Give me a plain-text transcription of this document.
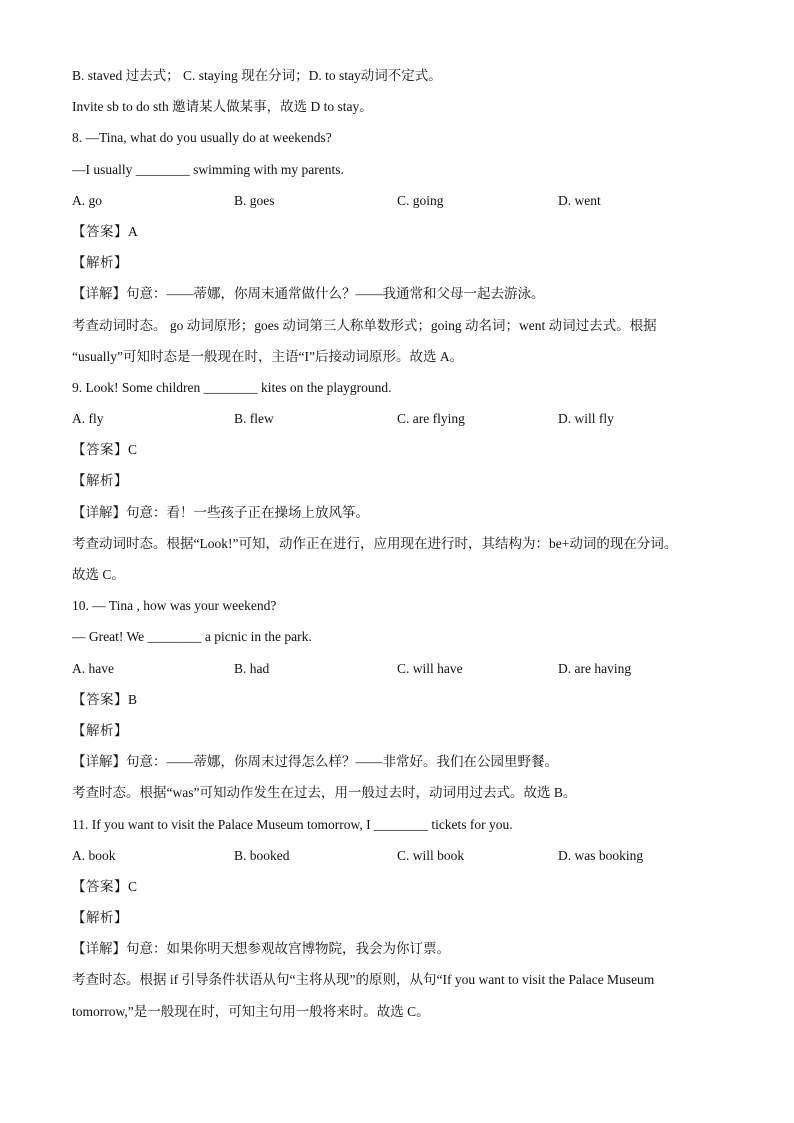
B. staved 过去式； C. staying 现在分词；D. to stay动词不定式。
Invite sb to do sth 邀请某人做某事，故选 D to stay。
8. —Tina, what do you usually do at weekends?
—I usually ________ swimming with my parents.
A. go	B. goes	C. going	D. went
【答案】A
【解析】
【详解】句意：——蒂娜，你周末通常做什么？——我通常和父母一起去游泳。
考查动词时态。 go 动词原形；goes 动词第三人称单数形式；going 动名词；went 动词过去式。根据
“usually”可知时态是一般现在时，主语“I”后接动词原形。故选 A。
9. Look! Some children ________ kites on the playground.
A. fly	B. flew	C. are flying	D. will fly
【答案】C
【解析】
【详解】句意：看！一些孩子正在操场上放风筝。
考查动词时态。根据“Look!”可知，动作正在进行，应用现在进行时，其结构为：be+动词的现在分词。
故选 C。
10. — Tina , how was your weekend?
— Great! We ________ a picnic in the park.
A. have	B. had	C. will have	D. are having
【答案】B
【解析】
【详解】句意：——蒂娜，你周末过得怎么样？——非常好。我们在公园里野餐。
考查时态。根据“was”可知动作发生在过去，用一般过去时，动词用过去式。故选 B。
11. If you want to visit the Palace Museum tomorrow, I ________ tickets for you.
A. book	B. booked	C. will book	D. was booking
【答案】C
【解析】
【详解】句意：如果你明天想参观故宫博物院，我会为你订票。
考查时态。根据 if 引导条件状语从句“主将从现”的原则，从句“If you want to visit the Palace Museum
tomorrow,”是一般现在时，可知主句用一般将来时。故选 C。
